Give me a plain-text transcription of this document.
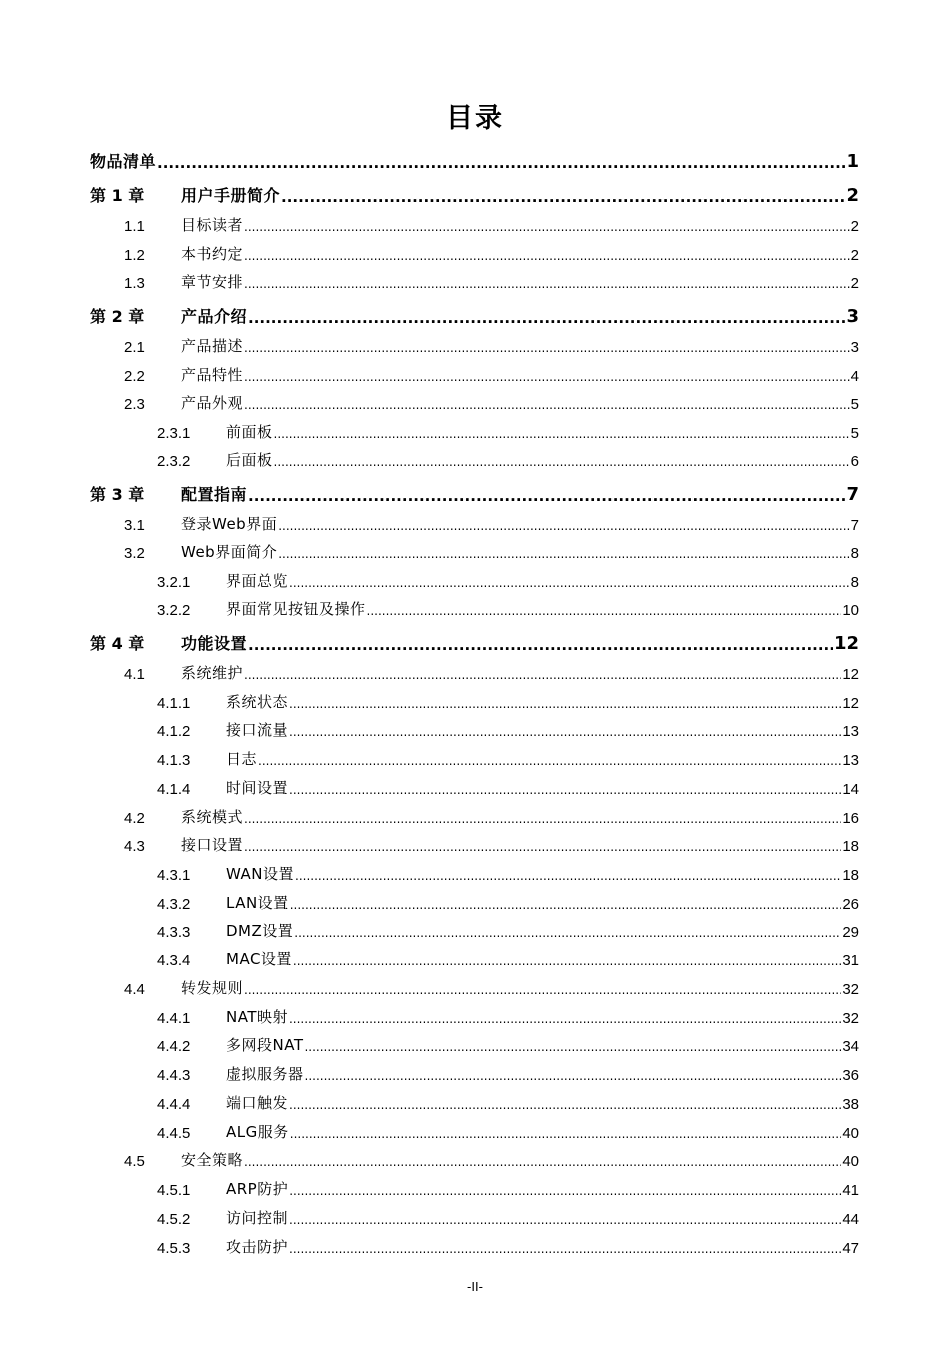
目录
物品清单 .....	1
第 1 章	用户手册简介 .....	2
1.1	目标读者 .....	2
1.2	本书约定 .....	2
1.3	章节安排 .....	2
第 2 章	产品介绍 .....	3
2.1	产品描述 .....	3
2.2	产品特性 .....	4
2.3	产品外观 .....	5
2.3.1	前面板 .....	5
2.3.2	后面板 .....	6
第 3 章	配置指南 .....	7
3.1	登录Web界面 .....	7
3.2	Web界面简介 .....	8
3.2.1	界面总览 .....	8
3.2.2	界面常见按钮及操作 .....	10
第 4 章	功能设置 .....	12
4.1	系统维护 .....	12
4.1.1	系统状态 .....	12
4.1.2	接口流量 .....	13
4.1.3	日志 .....	13
4.1.4	时间设置 .....	14
4.2	系统模式 .....	16
4.3	接口设置 .....	18
4.3.1	WAN设置 .....	18
4.3.2	LAN设置 .....	26
4.3.3	DMZ设置 .....	29
4.3.4	MAC设置 .....	31
4.4	转发规则 .....	32
4.4.1	NAT映射 .....	32
4.4.2	多网段NAT .....	34
4.4.3	虚拟服务器 .....	36
4.4.4	端口触发 .....	38
4.4.5	ALG服务 .....	40
4.5	安全策略 .....	40
4.5.1	ARP防护 .....	41
4.5.2	访问控制 .....	44
4.5.3	攻击防护 .....	47
-II-
